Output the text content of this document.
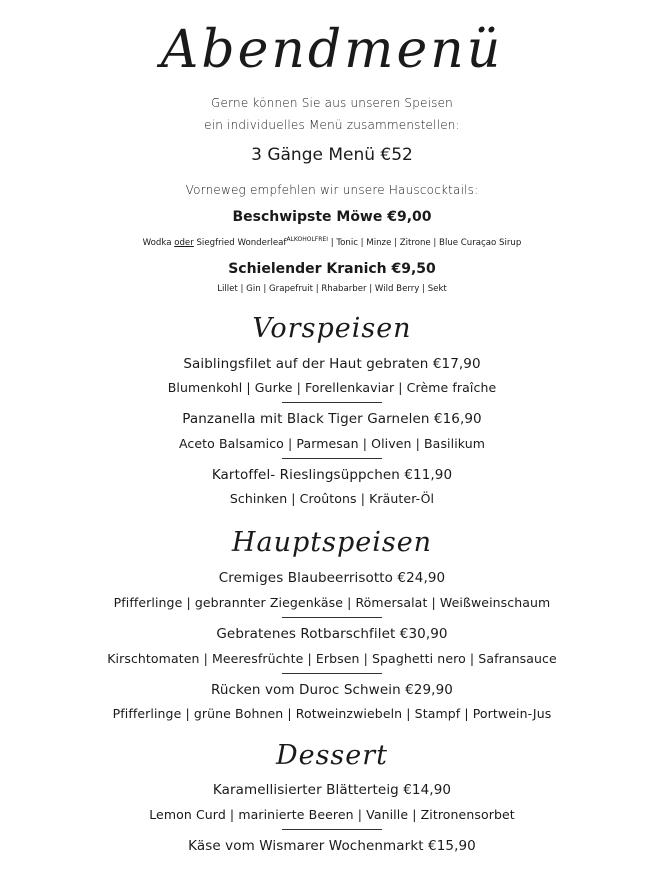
Abendmenü
Gerne können Sie aus unseren Speisen
ein individuelles Menü zusammenstellen:
3 Gänge Menü €52
Vorneweg empfehlen wir unsere Hauscocktails:
Beschwipste Möwe €9,00
Wodka oder Siegfried Wonderleaf$^{ALKOHOLFREI}$ | Tonic | Minze | Zitrone | Blue Curaçao Sirup
Schielender Kranich €9,50
Lillet | Gin | Grapefruit | Rhabarber | Wild Berry | Sekt
Vorspeisen
Saiblingsfilet auf der Haut gebraten €17,90
Blumenkohl | Gurke | Forellenkaviar | Crème fraîche
Panzanella mit Black Tiger Garnelen €16,90
Aceto Balsamico | Parmesan | Oliven | Basilikum
Kartoffel- Rieslingsüppchen €11,90
Schinken | Croûtons | Kräuter-Öl
Hauptspeisen
Cremiges Blaubeerrisotto €24,90
Pfifferlinge | gebrannter Ziegenkäse | Römersalat | Weißweinschaum
Gebratenes Rotbarschfilet €30,90
Kirschtomaten | Meeresfrüchte | Erbsen | Spaghetti nero | Safransauce
Rücken vom Duroc Schwein €29,90
Pfifferlinge | grüne Bohnen | Rotweinzwiebeln | Stampf | Portwein-Jus
Dessert
Karamellisierter Blätterteig €14,90
Lemon Curd | marinierte Beeren | Vanille | Zitronensorbet
Käse vom Wismarer Wochenmarkt €15,90
